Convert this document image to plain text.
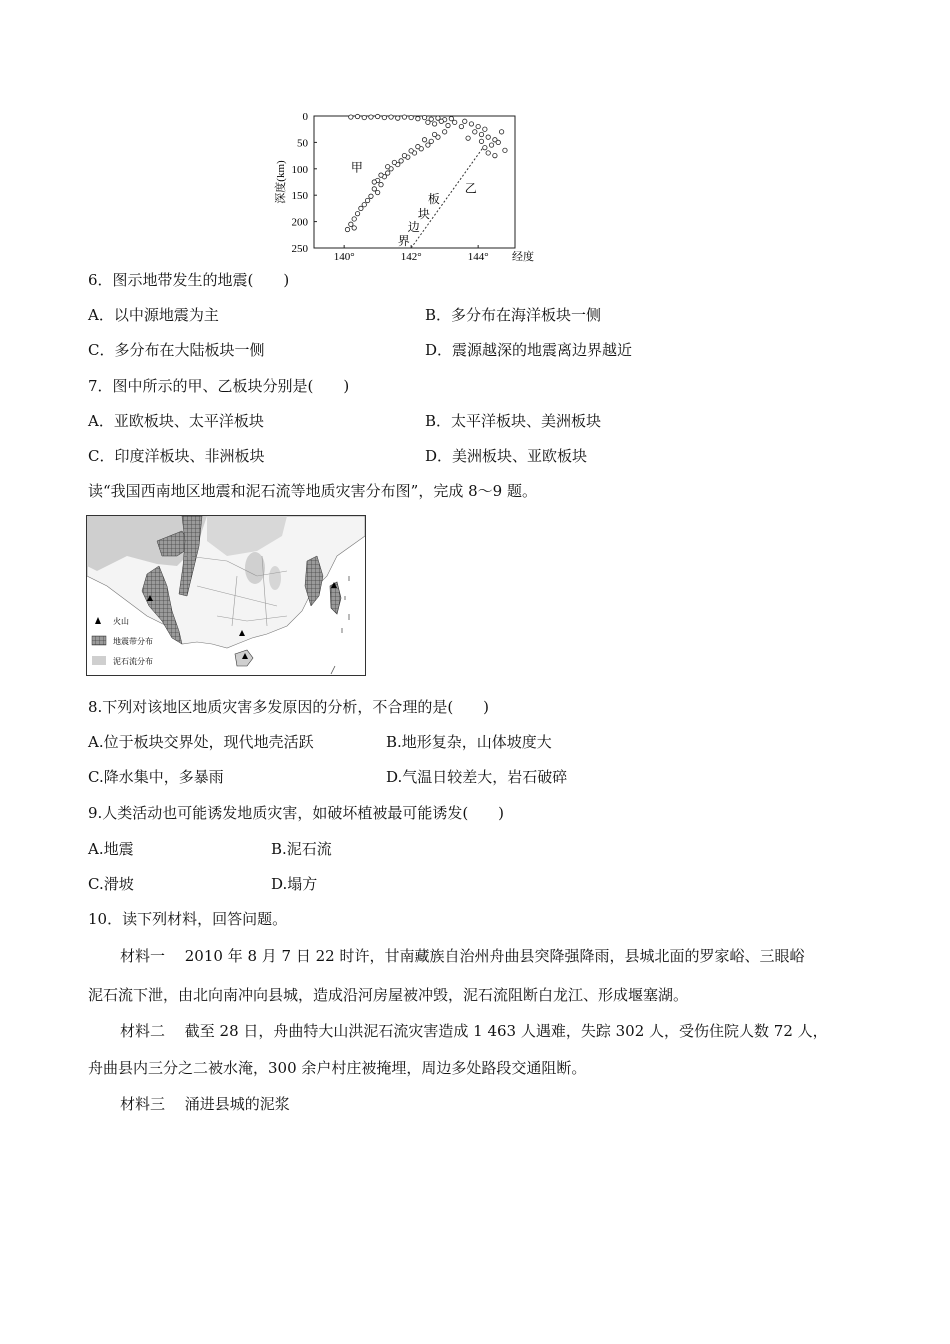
0
50
100
150
200
250
140°	142°	144° 经度
深度(km)	甲
乙
板
块
边
界
6．图示地带发生的地震(　　)
A．以中源地震为主	B．多分布在海洋板块一侧
C．多分布在大陆板块一侧	D．震源越深的地震离边界越近
7．图中所示的甲、乙板块分别是(　　)
A．亚欧板块、太平洋板块	B．太平洋板块、美洲板块
C．印度洋板块、非洲板块	D．美洲板块、亚欧板块
读“我国西南地区地震和泥石流等地质灾害分布图”，完成 8～9 题。
火山
地震带分布
泥石流分布
8.下列对该地区地质灾害多发原因的分析，不合理的是(　　)
A.位于板块交界处，现代地壳活跃	B.地形复杂，山体坡度大
C.降水集中，多暴雨	D.气温日较差大，岩石破碎
9.人类活动也可能诱发地质灾害，如破坏植被最可能诱发(　　)
A.地震	B.泥石流
C.滑坡	D.塌方
10．读下列材料，回答问题。
材料一　 2010 年 8 月 7 日 22 时许，甘南藏族自治州舟曲县突降强降雨，县城北面的罗家峪、三眼峪
泥石流下泄，由北向南冲向县城，造成沿河房屋被冲毁，泥石流阻断白龙江、形成堰塞湖。
材料二　 截至 28 日，舟曲特大山洪泥石流灾害造成 1 463 人遇难，失踪 302 人，受伤住院人数 72 人，
舟曲县内三分之二被水淹，300 余户村庄被掩埋，周边多处路段交通阻断。
材料三　 涌进县城的泥浆
